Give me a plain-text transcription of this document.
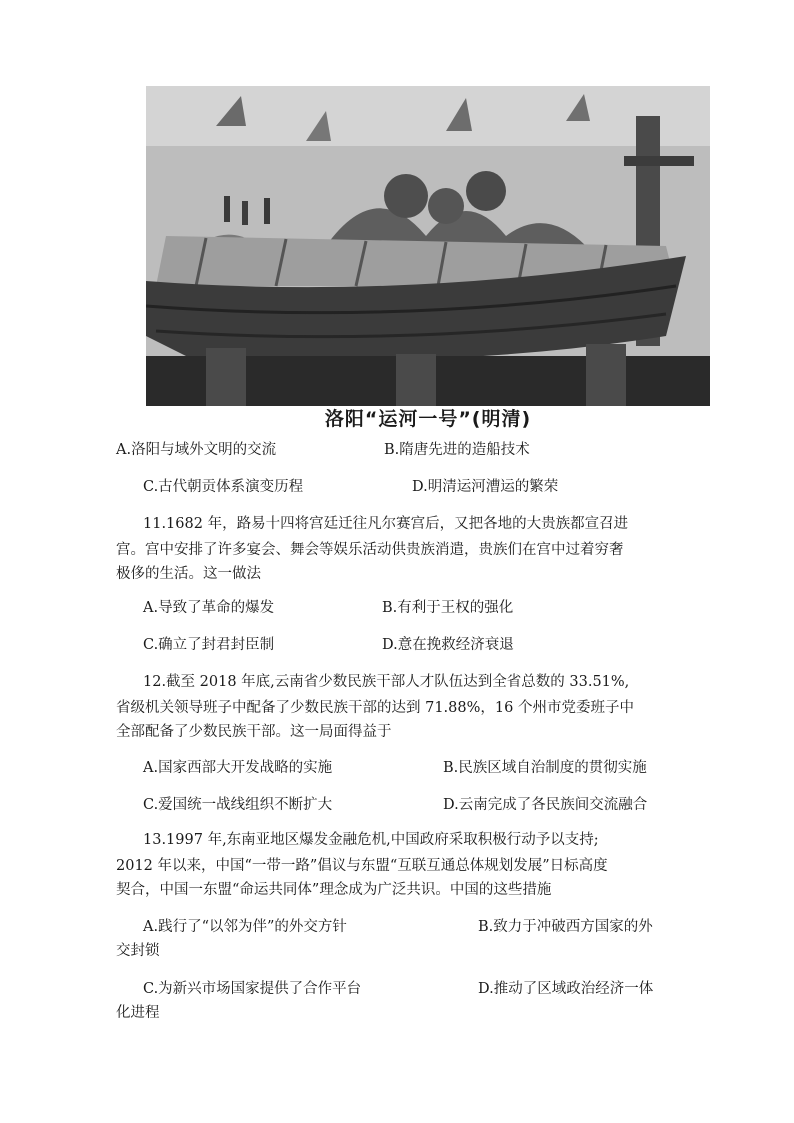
洛阳“运河一号”(明清)
A.洛阳与域外文明的交流	B.隋唐先进的造船技术
C.古代朝贡体系演变历程	D.明清运河漕运的繁荣
11.1682 年，路易十四将宫廷迁往凡尔赛宫后，又把各地的大贵族都宣召进
宫。宫中安排了许多宴会、舞会等娱乐活动供贵族消遣，贵族们在宫中过着穷奢
极侈的生活。这一做法
A.导致了革命的爆发	B.有利于王权的强化
C.确立了封君封臣制	D.意在挽救经济衰退
12.截至 2018 年底,云南省少数民族干部人才队伍达到全省总数的 33.51%,
省级机关领导班子中配备了少数民族干部的达到 71.88%，16 个州市党委班子中
全部配备了少数民族干部。这一局面得益于
A.国家西部大开发战略的实施	B.民族区域自治制度的贯彻实施
C.爱国统一战线组织不断扩大	D.云南完成了各民族间交流融合
13.1997 年,东南亚地区爆发金融危机,中国政府采取积极行动予以支持;
2012 年以来，中国“一带一路”倡议与东盟“互联互通总体规划发展”日标高度
契合，中国一东盟“命运共同体”理念成为广泛共识。中国的这些措施
A.践行了“以邻为伴”的外交方针	B.致力于冲破西方国家的外
交封锁
C.为新兴市场国家提供了合作平台	D.推动了区域政治经济一体
化进程
